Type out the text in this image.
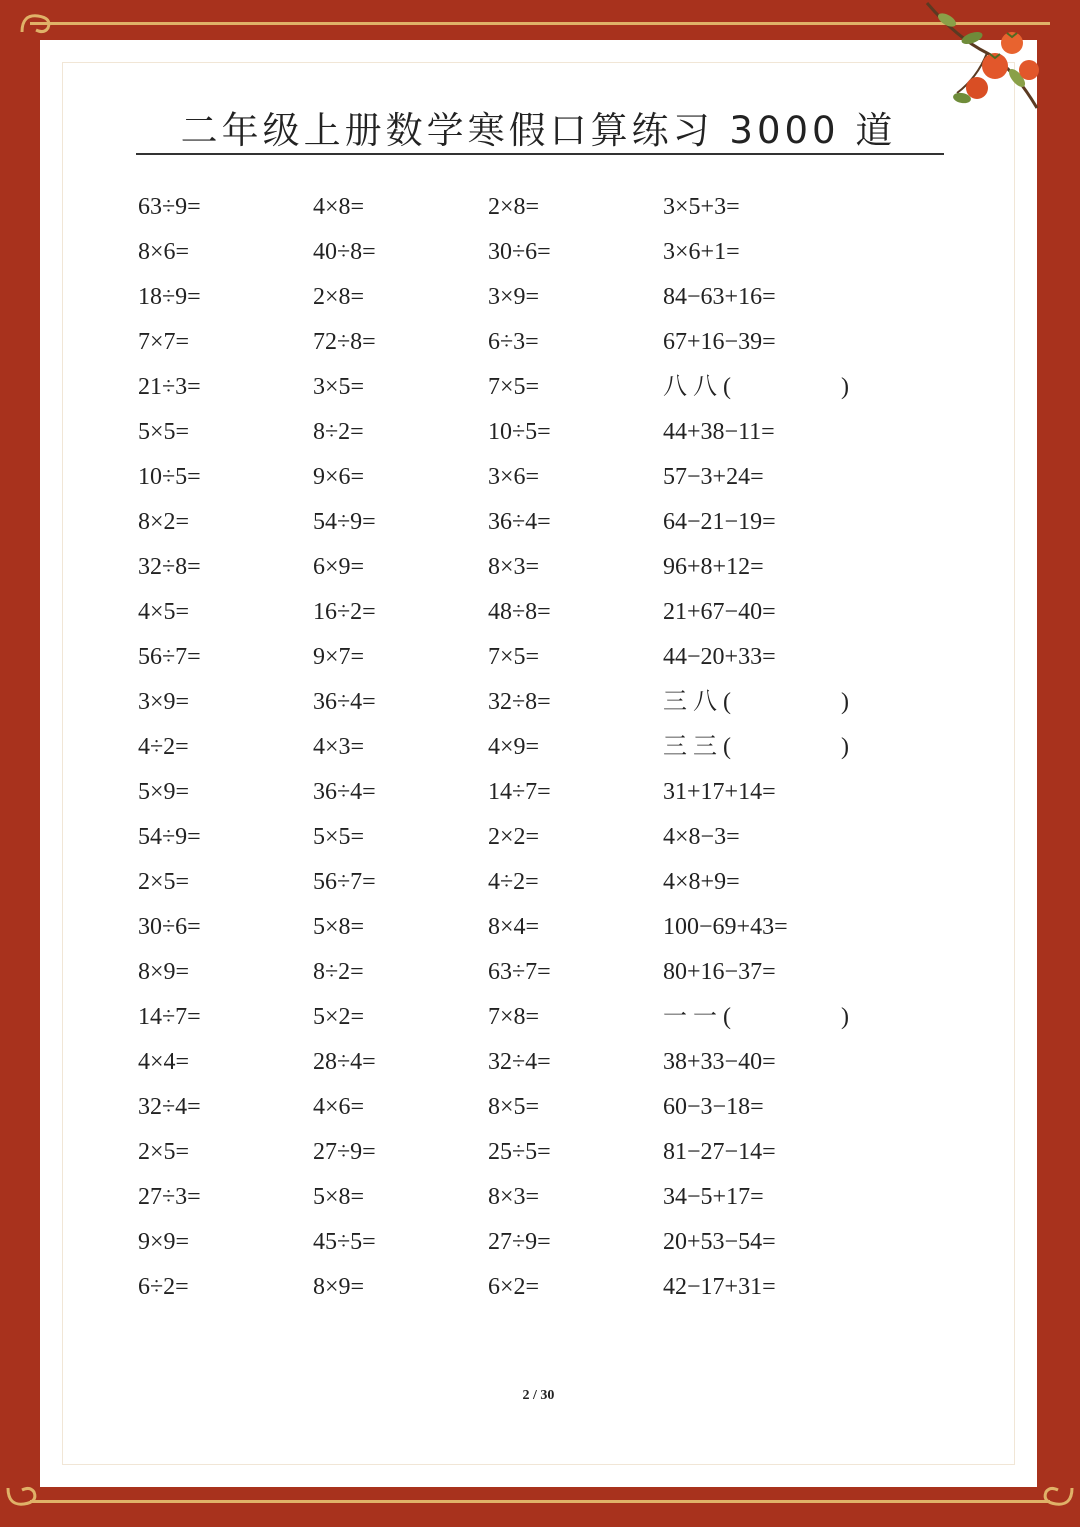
二年级上册数学寒假口算练习 3000 道
63÷9=	4×8=	2×8=	3×5+3=
8×6=	40÷8=	30÷6=	3×6+1=
18÷9=	2×8=	3×9=	84−63+16=
7×7=	72÷8=	6÷3=	67+16−39=
21÷3=	3×5=	7×5=	八 八 (	)
5×5=	8÷2=	10÷5=	44+38−11=
10÷5=	9×6=	3×6=	57−3+24=
8×2=	54÷9=	36÷4=	64−21−19=
32÷8=	6×9=	8×3=	96+8+12=
4×5=	16÷2=	48÷8=	21+67−40=
56÷7=	9×7=	7×5=	44−20+33=
3×9=	36÷4=	32÷8=	三 八 (	)
4÷2=	4×3=	4×9=	三 三 (	)
5×9=	36÷4=	14÷7=	31+17+14=
54÷9=	5×5=	2×2=	4×8−3=
2×5=	56÷7=	4÷2=	4×8+9=
30÷6=	5×8=	8×4=	100−69+43=
8×9=	8÷2=	63÷7=	80+16−37=
14÷7=	5×2=	7×8=	一 一 (	)
4×4=	28÷4=	32÷4=	38+33−40=
32÷4=	4×6=	8×5=	60−3−18=
2×5=	27÷9=	25÷5=	81−27−14=
27÷3=	5×8=	8×3=	34−5+17=
9×9=	45÷5=	27÷9=	20+53−54=
6÷2=	8×9=	6×2=	42−17+31=
2 / 30
